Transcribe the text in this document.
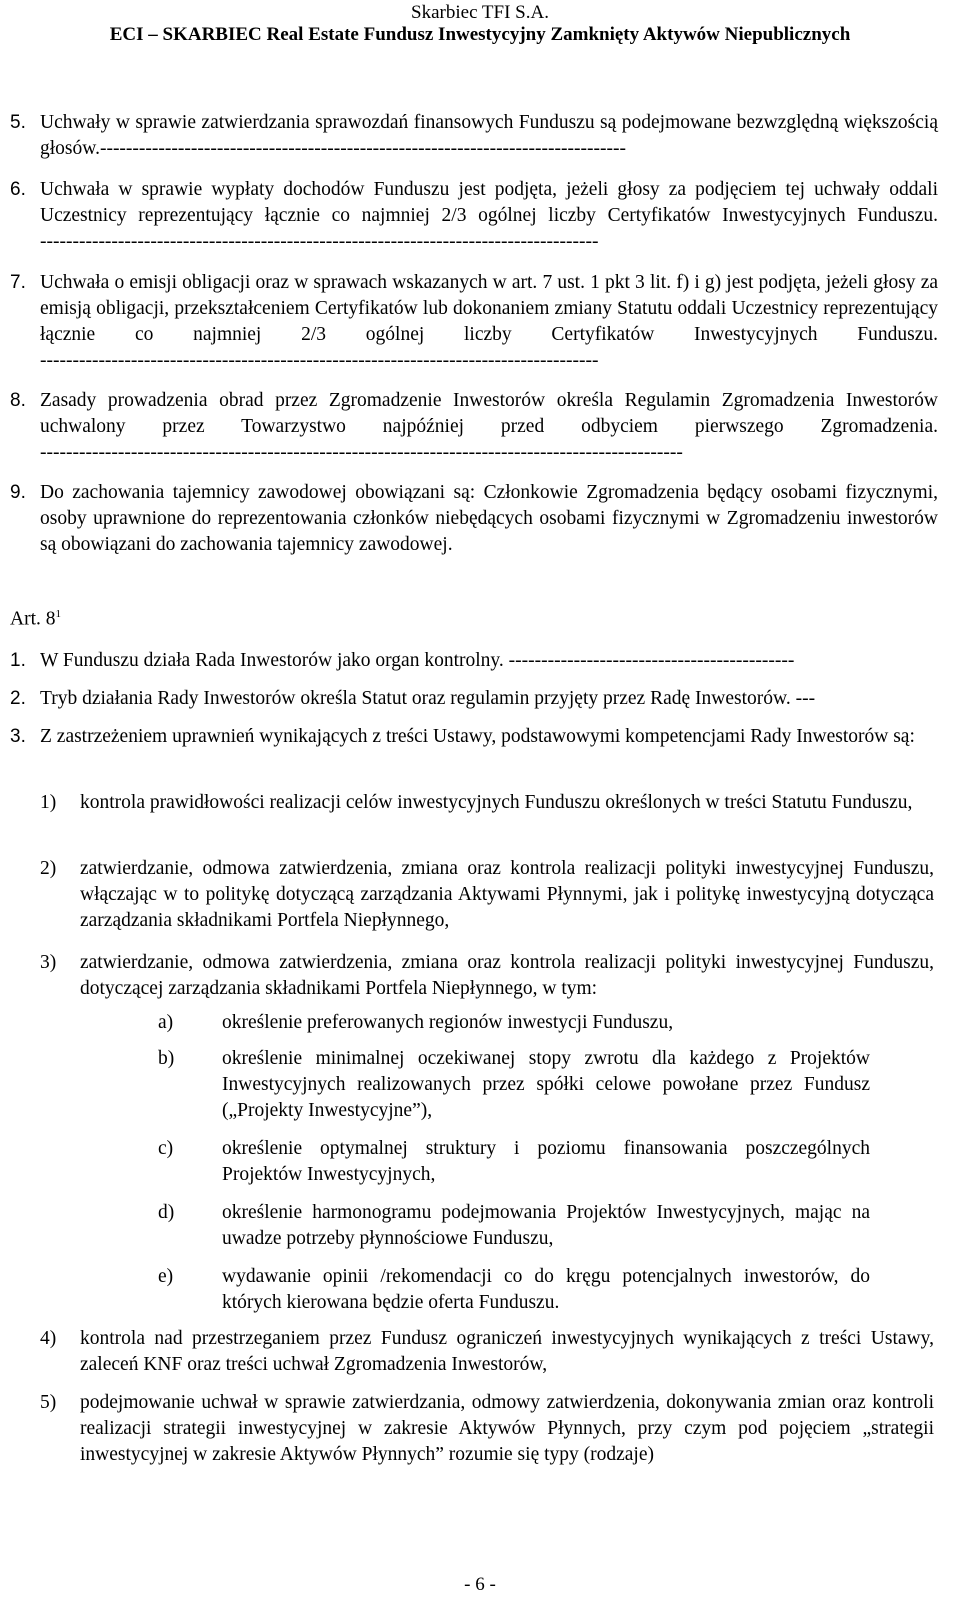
Skarbiec TFI S.A.
ECI – SKARBIEC Real Estate Fundusz Inwestycyjny Zamknięty Aktywów Niepublicznych
5. Uchwały w sprawie zatwierdzania sprawozdań finansowych Funduszu są podejmowane bezwzględną większością głosów.---------------------------------------------------------------------------------
6. Uchwała w sprawie wypłaty dochodów Funduszu jest podjęta, jeżeli głosy za podjęciem tej uchwały oddali Uczestnicy reprezentujący łącznie co najmniej 2/3 ogólnej liczby Certyfikatów Inwestycyjnych Funduszu. --------------------------------------------------------------------------------------
7. Uchwała o emisji obligacji oraz w sprawach wskazanych w art. 7 ust. 1 pkt 3 lit. f) i g) jest podjęta, jeżeli głosy za emisją obligacji, przekształceniem Certyfikatów lub dokonaniem zmiany Statutu oddali Uczestnicy reprezentujący łącznie co najmniej 2/3 ogólnej liczby Certyfikatów Inwestycyjnych Funduszu. --------------------------------------------------------------------------------------
8. Zasady prowadzenia obrad przez Zgromadzenie Inwestorów określa Regulamin Zgromadzenia Inwestorów uchwalony przez Towarzystwo najpóźniej przed odbyciem pierwszego Zgromadzenia. ---------------------------------------------------------------------------------------------------
9. Do zachowania tajemnicy zawodowej obowiązani są: Członkowie Zgromadzenia będący osobami fizycznymi, osoby uprawnione do reprezentowania członków niebędących osobami fizycznymi w Zgromadzeniu inwestorów są obowiązani do zachowania tajemnicy zawodowej.
Art. $8^1$
1. W Funduszu działa Rada Inwestorów jako organ kontrolny. --------------------------------------------
2. Tryb działania Rady Inwestorów określa Statut oraz regulamin przyjęty przez Radę Inwestorów. ---
3. Z zastrzeżeniem uprawnień wynikających z treści Ustawy, podstawowymi kompetencjami Rady Inwestorów są:
1)	kontrola prawidłowości realizacji celów inwestycyjnych Funduszu określonych w treści Statutu Funduszu,
2)	zatwierdzanie, odmowa zatwierdzenia, zmiana oraz kontrola realizacji polityki inwestycyjnej Funduszu, włączając w to politykę dotyczącą zarządzania Aktywami Płynnymi, jak i politykę inwestycyjną dotycząca zarządzania składnikami Portfela Niepłynnego,
3)	zatwierdzanie, odmowa zatwierdzenia, zmiana oraz kontrola realizacji polityki inwestycyjnej Funduszu, dotyczącej zarządzania składnikami Portfela Niepłynnego, w tym:
a)	określenie preferowanych regionów inwestycji Funduszu,
b)	określenie minimalnej oczekiwanej stopy zwrotu dla każdego z Projektów Inwestycyjnych realizowanych przez spółki celowe powołane przez Fundusz („Projekty Inwestycyjne”),
c)	określenie optymalnej struktury i poziomu finansowania poszczególnych Projektów Inwestycyjnych,
d)	określenie harmonogramu podejmowania Projektów Inwestycyjnych, mając na uwadze potrzeby płynnościowe Funduszu,
e)	wydawanie opinii /rekomendacji co do kręgu potencjalnych inwestorów, do których kierowana będzie oferta Funduszu.
4)	kontrola nad przestrzeganiem przez Fundusz ograniczeń inwestycyjnych wynikających z treści Ustawy, zaleceń KNF oraz treści uchwał Zgromadzenia Inwestorów,
5)	podejmowanie uchwał w sprawie zatwierdzania, odmowy zatwierdzenia, dokonywania zmian oraz kontroli realizacji strategii inwestycyjnej w zakresie Aktywów Płynnych, przy czym pod pojęciem „strategii inwestycyjnej w zakresie Aktywów Płynnych” rozumie się typy (rodzaje)
- 6 -
